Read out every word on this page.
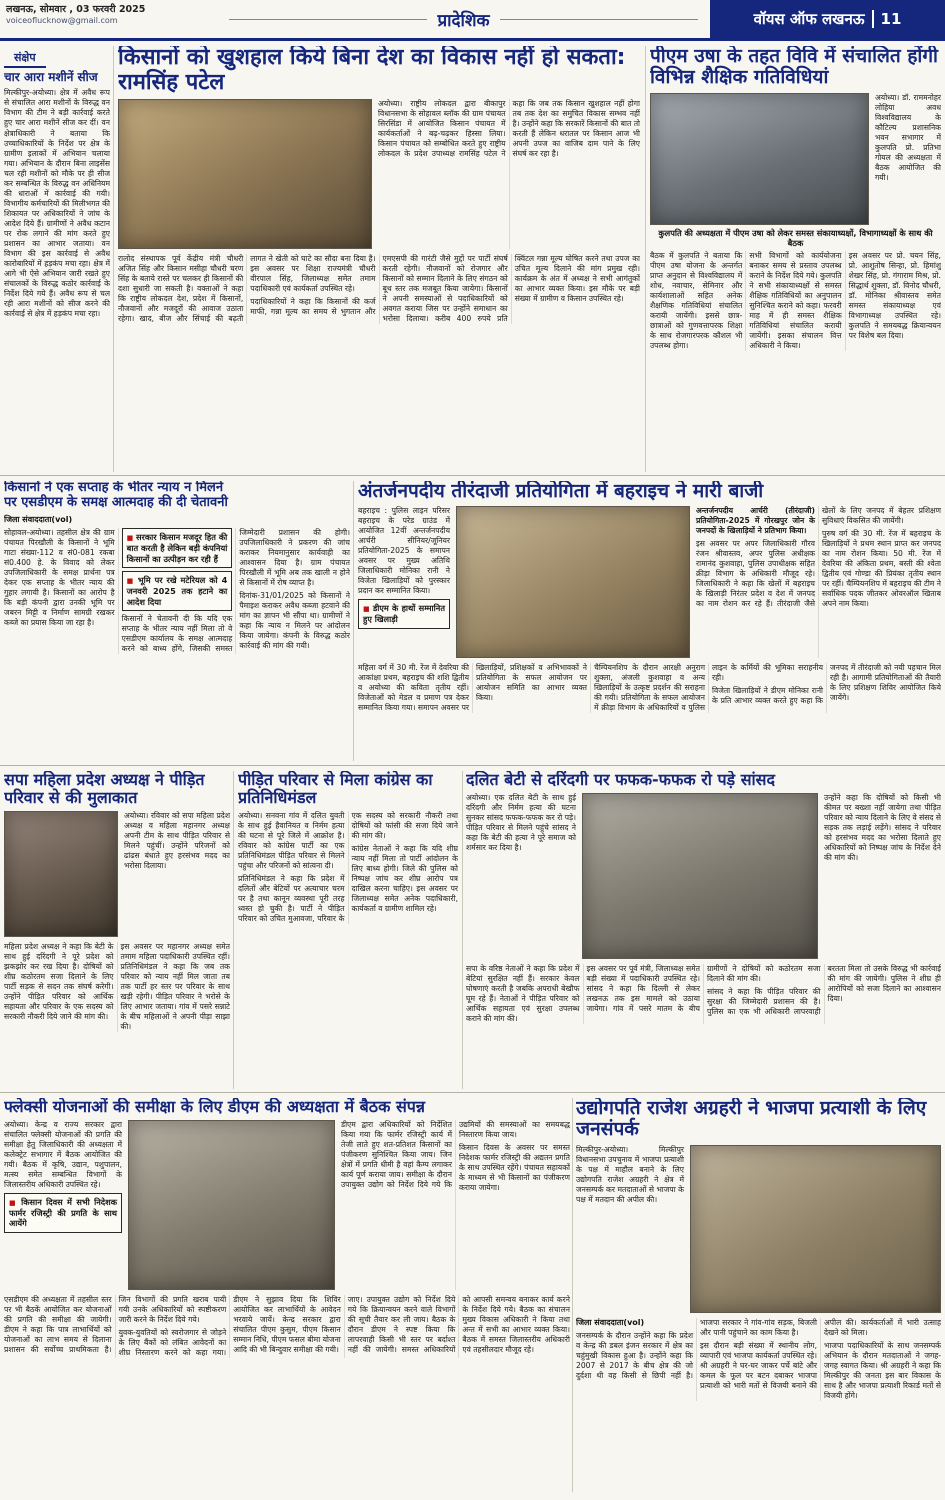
लखनऊ, सोमवार , 03 फरवरी 2025
voiceoflucknow@gmail.com	प्रादेशिक	वॉयस ऑफ लखनऊ	11
संक्षेप
चार आरा मशीनें सीज

मिल्कीपुर-अयोध्या। क्षेत्र में अवैध रूप से संचालित आरा मशीनों के विरुद्ध वन विभाग की टीम ने बड़ी कार्रवाई करते हुए चार आरा मशीनें सीज कर दीं। वन क्षेत्राधिकारी ने बताया कि उच्चाधिकारियों के निर्देश पर क्षेत्र के ग्रामीण इलाकों में अभियान चलाया गया। अभियान के दौरान बिना लाइसेंस चल रही मशीनों को मौके पर ही सीज कर सम्बन्धित के विरुद्ध वन अधिनियम की धाराओं में कार्रवाई की गयी। विभागीय कर्मचारियों की मिलीभगत की शिकायत पर अधिकारियों ने जांच के आदेश दिये हैं। ग्रामीणों ने अवैध कटान पर रोक लगाने की मांग करते हुए प्रशासन का आभार जताया। वन विभाग की इस कार्रवाई से अवैध कारोबारियों में हड़कंप मचा रहा। क्षेत्र में आगे भी ऐसे अभियान जारी रखते हुए संचालकों के विरुद्ध कठोर कार्रवाई के निर्देश दिये गये हैं। अवैध रूप से चल रही आरा मशीनों को सीज करने की कार्रवाई से क्षेत्र में हड़कंप मचा रहा।

किसानों को खुशहाल किये बिना देश का विकास नहीं हो सकता: रामसिंह पटेल

अयोध्या। राष्ट्रीय लोकदल द्वारा बीकापुर विधानसभा के सोहावल ब्लॉक की ग्राम पंचायत सिरसिंडा में आयोजित किसान पंचायत में कार्यकर्ताओं ने बढ़-चढ़कर हिस्सा लिया। किसान पंचायत को सम्बोधित करते हुए राष्ट्रीय लोकदल के प्रदेश उपाध्यक्ष रामसिंह पटेल ने कहा कि जब तक किसान खुशहाल नहीं होगा तब तक देश का समुचित विकास सम्भव नहीं है। उन्होंने कहा कि सरकारें किसानों की बात तो करती हैं लेकिन धरातल पर किसान आज भी अपनी उपज का वाजिब दाम पाने के लिए संघर्ष कर रहा है।

रालोद संस्थापक पूर्व केंद्रीय मंत्री चौधरी अजित सिंह और किसान मसीहा चौधरी चरण सिंह के बताये रास्ते पर चलकर ही किसानों की दशा सुधारी जा सकती है। वक्ताओं ने कहा कि राष्ट्रीय लोकदल देश, प्रदेश में किसानों, नौजवानों और मजदूरों की आवाज उठाता रहेगा। खाद, बीज और सिंचाई की बढ़ती लागत ने खेती को घाटे का सौदा बना दिया है। इस अवसर पर शिक्षा राज्यमंत्री चौधरी वीरपाल सिंह, जिलाध्यक्ष समेत तमाम पदाधिकारी एवं कार्यकर्ता उपस्थित रहे।

पदाधिकारियों ने कहा कि किसानों की कर्ज माफी, गन्ना मूल्य का समय से भुगतान और एमएसपी की गारंटी जैसे मुद्दों पर पार्टी संघर्ष करती रहेगी। नौजवानों को रोजगार और किसानों को सम्मान दिलाने के लिए संगठन को बूथ स्तर तक मजबूत किया जायेगा। किसानों ने अपनी समस्याओं से पदाधिकारियों को अवगत कराया जिस पर उन्होंने समाधान का भरोसा दिलाया। करीब 400 रुपये प्रति क्विंटल गन्ना मूल्य घोषित करने तथा उपज का उचित मूल्य दिलाने की मांग प्रमुख रही। कार्यक्रम के अंत में अध्यक्ष ने सभी आगंतुकों का आभार व्यक्त किया। इस मौके पर बड़ी संख्या में ग्रामीण व किसान उपस्थित रहे।

पीएम उषा के तहत विवि में संचालित होंगी विभिन्न शैक्षिक गतिविधियां

अयोध्या। डॉ. राममनोहर लोहिया अवध विश्वविद्यालय के कौटिल्य प्रशासनिक भवन सभागार में कुलपति प्रो. प्रतिभा गोयल की अध्यक्षता में बैठक आयोजित की गयी।

कुलपति की अध्यक्षता में पीएम उषा को लेकर समस्त संकायाध्यक्षों, विभागाध्यक्षों के साथ की बैठक

बैठक में कुलपति ने बताया कि पीएम उषा योजना के अन्तर्गत प्राप्त अनुदान से विश्वविद्यालय में शोध, नवाचार, सेमिनार और कार्यशालाओं सहित अनेक शैक्षणिक गतिविधियां संचालित करायी जायेंगी। इससे छात्र-छात्राओं को गुणवत्तापरक शिक्षा के साथ रोजगारपरक कौशल भी उपलब्ध होगा।

सभी विभागों को कार्ययोजना बनाकर समय से प्रस्ताव उपलब्ध कराने के निर्देश दिये गये। कुलपति ने सभी संकायाध्यक्षों से समस्त शैक्षिक गतिविधियों का अनुपालन सुनिश्चित कराने को कहा। फरवरी माह में ही समस्त शैक्षिक गतिविधियां संचालित करायी जायेंगी। इसका संचालन वित्त अधिकारी ने किया।

इस अवसर पर प्रो. चयन सिंह, प्रो. आशुतोष सिन्हा, प्रो. हिमांशु शेखर सिंह, प्रो. गंगाराम मिश्र, प्रो. सिद्धार्थ शुक्ला, डॉ. विनोद चौधरी, डॉ. मोनिका श्रीवास्तव समेत समस्त संकायाध्यक्ष एवं विभागाध्यक्ष उपस्थित रहे। कुलपति ने समयबद्ध क्रियान्वयन पर विशेष बल दिया।

किसानों ने एक सप्ताह के भीतर न्याय न मिलने पर एसडीएम के समक्ष आत्मदाह की दी चेतावनी
जिला संवाददाता(vol)

सोहावल-अयोध्या। तहसील क्षेत्र की ग्राम पंचायत पिरखौली के किसानों ने भूमि गाटा संख्या-112 व सं0-081 रकबा सं0.400 हे. के विवाद को लेकर उपजिलाधिकारी के समक्ष प्रार्थना पत्र देकर एक सप्ताह के भीतर न्याय की गुहार लगायी है। किसानों का आरोप है कि बड़ी कंपनी द्वारा उनकी भूमि पर जबरन मिट्टी व निर्माण सामग्री रखकर कब्जे का प्रयास किया जा रहा है।

■ सरकार किसान मजदूर हित की बात करती है लेकिन बड़ी कंपनियां किसानों का उत्पीड़न कर रही हैं
■ भूमि पर रखे मटेरियल को 4 जनवरी 2025 तक हटाने का आदेश दिया

किसानों ने चेतावनी दी कि यदि एक सप्ताह के भीतर न्याय नहीं मिला तो वे एसडीएम कार्यालय के समक्ष आत्मदाह करने को बाध्य होंगे, जिसकी समस्त जिम्मेदारी प्रशासन की होगी। उपजिलाधिकारी ने प्रकरण की जांच कराकर नियमानुसार कार्यवाही का आश्वासन दिया है। ग्राम पंचायत पिरखौली में भूमि अब तक खाली न होने से किसानों में रोष व्याप्त है।

दिनांक-31/01/2025 को किसानों ने पैमाइश कराकर अवैध कब्जा हटवाने की मांग का ज्ञापन भी सौंपा था। ग्रामीणों ने कहा कि न्याय न मिलने पर आंदोलन किया जायेगा। कंपनी के विरुद्ध कठोर कार्रवाई की मांग की गयी।

अंतर्जनपदीय तीरंदाजी प्रतियोगिता में बहराइच ने मारी बाजी

बहराइच : पुलिस लाइन परिसर बहराइच के परेड ग्राउंड में आयोजित 12वीं अन्तर्जनपदीय आर्चरी सीनियर/जूनियर प्रतियोगिता-2025 के समापन अवसर पर मुख्य अतिथि जिलाधिकारी मोनिका रानी ने विजेता खिलाड़ियों को पुरस्कार प्रदान कर सम्मानित किया।

■ डीएम के हाथों सम्मानित हुए खिलाड़ी

अन्तर्जनपदीय आर्चरी (तीरंदाजी) प्रतियोगिता-2025 में गोरखपुर जोन के जनपदों के खिलाड़ियों ने प्रतिभाग किया।

इस अवसर पर अपर जिलाधिकारी गौरव रंजन श्रीवास्तव, अपर पुलिस अधीक्षक रामानंद कुशवाहा, पुलिस उपाधीक्षक सहित क्रीड़ा विभाग के अधिकारी मौजूद रहे। जिलाधिकारी ने कहा कि खेलों में बहराइच के खिलाड़ी निरंतर प्रदेश व देश में जनपद का नाम रोशन कर रहे हैं। तीरंदाजी जैसे खेलों के लिए जनपद में बेहतर प्रशिक्षण सुविधाएं विकसित की जायेंगी।

पुरुष वर्ग की 30 मी. रेंज में बहराइच के खिलाड़ियों ने प्रथम स्थान प्राप्त कर जनपद का नाम रोशन किया। 50 मी. रेंज में देवरिया की अंकिता प्रथम, बस्ती की श्वेता द्वितीय एवं गोण्डा की प्रियंका तृतीय स्थान पर रहीं। चैम्पियनशिप में बहराइच की टीम ने सर्वाधिक पदक जीतकर ओवरऑल खिताब अपने नाम किया।

महिला वर्ग में 30 मी. रेंज में देवरिया की आकांक्षा प्रथम, बहराइच की शशि द्वितीय व अयोध्या की कविता तृतीय रहीं। विजेताओं को मेडल व प्रमाण पत्र देकर सम्मानित किया गया। समापन अवसर पर खिलाड़ियों, प्रशिक्षकों व अभिभावकों ने प्रतियोगिता के सफल आयोजन पर आयोजन समिति का आभार व्यक्त किया।

चैम्पियनशिप के दौरान आरक्षी अनुराग शुक्ला, अंजली कुशवाहा व अन्य खिलाड़ियों के उत्कृष्ट प्रदर्शन की सराहना की गयी। प्रतियोगिता के सफल आयोजन में क्रीड़ा विभाग के अधिकारियों व पुलिस लाइन के कर्मियों की भूमिका सराहनीय रही।

विजेता खिलाड़ियों ने डीएम मोनिका रानी के प्रति आभार व्यक्त करते हुए कहा कि जनपद में तीरंदाजी को नयी पहचान मिल रही है। आगामी प्रतियोगिताओं की तैयारी के लिए प्रशिक्षण शिविर आयोजित किये जायेंगे।

सपा महिला प्रदेश अध्यक्ष ने पीड़ित परिवार से की मुलाकात

अयोध्या। रविवार को सपा महिला प्रदेश अध्यक्ष व महिला महानगर अध्यक्ष अपनी टीम के साथ पीड़ित परिवार से मिलने पहुंचीं। उन्होंने परिजनों को ढांढस बंधाते हुए हरसंभव मदद का भरोसा दिलाया।

महिला प्रदेश अध्यक्ष ने कहा कि बेटी के साथ हुई दरिंदगी ने पूरे प्रदेश को झकझोर कर रख दिया है। दोषियों को शीघ्र कठोरतम सजा दिलाने के लिए पार्टी सड़क से सदन तक संघर्ष करेगी। उन्होंने पीड़ित परिवार को आर्थिक सहायता और परिवार के एक सदस्य को सरकारी नौकरी दिये जाने की मांग की।

इस अवसर पर महानगर अध्यक्ष समेत तमाम महिला पदाधिकारी उपस्थित रहीं। प्रतिनिधिमंडल ने कहा कि जब तक परिवार को न्याय नहीं मिल जाता तब तक पार्टी हर स्तर पर परिवार के साथ खड़ी रहेगी। पीड़ित परिवार ने भरोसे के लिए आभार जताया। गांव में पसरे सन्नाटे के बीच महिलाओं ने अपनी पीड़ा साझा की।

पीड़ित परिवार से मिला कांग्रेस का प्रतिनिधिमंडल

अयोध्या। सनवना गांव में दलित युवती के साथ हुई हैवानियत व निर्मम हत्या की घटना से पूरे जिले में आक्रोश है। रविवार को कांग्रेस पार्टी का एक प्रतिनिधिमंडल पीड़ित परिवार से मिलने पहुंचा और परिजनों को सांत्वना दी।

प्रतिनिधिमंडल ने कहा कि प्रदेश में दलितों और बेटियों पर अत्याचार चरम पर है तथा कानून व्यवस्था पूरी तरह ध्वस्त हो चुकी है। पार्टी ने पीड़ित परिवार को उचित मुआवजा, परिवार के एक सदस्य को सरकारी नौकरी तथा दोषियों को फांसी की सजा दिये जाने की मांग की।

कांग्रेस नेताओं ने कहा कि यदि शीघ्र न्याय नहीं मिला तो पार्टी आंदोलन के लिए बाध्य होगी। जिले की पुलिस को निष्पक्ष जांच कर शीघ्र आरोप पत्र दाखिल करना चाहिए। इस अवसर पर जिलाध्यक्ष समेत अनेक पदाधिकारी, कार्यकर्ता व ग्रामीण शामिल रहे।

दलित बेटी से दरिंदगी पर फफक-फफक रो पड़े सांसद

अयोध्या। एक दलित बेटी के साथ हुई दरिंदगी और निर्मम हत्या की घटना सुनकर सांसद फफक-फफक कर रो पड़े। पीड़ित परिवार से मिलने पहुंचे सांसद ने कहा कि बेटी की हत्या ने पूरे समाज को शर्मसार कर दिया है।

उन्होंने कहा कि दोषियों को किसी भी कीमत पर बख्शा नहीं जायेगा तथा पीड़ित परिवार को न्याय दिलाने के लिए वे संसद से सड़क तक लड़ाई लड़ेंगे। सांसद ने परिवार को हरसंभव मदद का भरोसा दिलाते हुए अधिकारियों को निष्पक्ष जांच के निर्देश देने की मांग की।

सपा के वरिष्ठ नेताओं ने कहा कि प्रदेश में बेटियां सुरक्षित नहीं हैं। सरकार केवल घोषणाएं करती है जबकि अपराधी बेखौफ घूम रहे हैं। नेताओं ने पीड़ित परिवार को आर्थिक सहायता एवं सुरक्षा उपलब्ध कराने की मांग की।

इस अवसर पर पूर्व मंत्री, जिलाध्यक्ष समेत बड़ी संख्या में पदाधिकारी उपस्थित रहे। सांसद ने कहा कि दिल्ली से लेकर लखनऊ तक इस मामले को उठाया जायेगा। गांव में पसरे मातम के बीच ग्रामीणों ने दोषियों को कठोरतम सजा दिलाने की मांग की।

सांसद ने कहा कि पीड़ित परिवार की सुरक्षा की जिम्मेदारी प्रशासन की है। पुलिस का एक भी अधिकारी लापरवाही बरतता मिला तो उसके विरुद्ध भी कार्रवाई की मांग की जायेगी। पुलिस ने शीघ्र ही आरोपियों को सजा दिलाने का आश्वासन दिया।

फ्लेक्सी योजनाओं की समीक्षा के लिए डीएम की अध्यक्षता में बैठक संपन्न

अयोध्या। केन्द्र व राज्य सरकार द्वारा संचालित फ्लेक्सी योजनाओं की प्रगति की समीक्षा हेतु जिलाधिकारी की अध्यक्षता में कलेक्ट्रेट सभागार में बैठक आयोजित की गयी। बैठक में कृषि, उद्यान, पशुपालन, मत्स्य समेत सम्बन्धित विभागों के जिलास्तरीय अधिकारी उपस्थित रहे।

■ किसान दिवस में सभी निदेशक फार्मर रजिस्ट्री की प्रगति के साथ आयेंगे

डीएम द्वारा अधिकारियों को निर्देशित किया गया कि फार्मर रजिस्ट्री कार्य में तेजी लाते हुए शत-प्रतिशत किसानों का पंजीकरण सुनिश्चित किया जाय। जिन क्षेत्रों में प्रगति धीमी है वहां कैम्प लगाकर कार्य पूर्ण कराया जाय। समीक्षा के दौरान उपायुक्त उद्योग को निर्देश दिये गये कि उद्यमियों की समस्याओं का समयबद्ध निस्तारण किया जाय।

किसान दिवस के अवसर पर समस्त निदेशक फार्मर रजिस्ट्री की अद्यतन प्रगति के साथ उपस्थित रहेंगे। पंचायत सहायकों के माध्यम से भी किसानों का पंजीकरण कराया जायेगा।

एसडीएम की अध्यक्षता में तहसील स्तर पर भी बैठकें आयोजित कर योजनाओं की प्रगति की समीक्षा की जायेगी। डीएम ने कहा कि पात्र लाभार्थियों को योजनाओं का लाभ समय से दिलाना प्रशासन की सर्वोच्च प्राथमिकता है। जिन विभागों की प्रगति खराब पायी गयी उनके अधिकारियों को स्पष्टीकरण जारी करने के निर्देश दिये गये।

युवक-युवतियों को स्वरोजगार से जोड़ने के लिए बैंकों को लंबित आवेदनों का शीघ्र निस्तारण करने को कहा गया। डीएम ने सुझाव दिया कि शिविर आयोजित कर लाभार्थियों के आवेदन भरवाये जायें। केन्द्र सरकार द्वारा संचालित पीएम कुसुम, पीएम किसान सम्मान निधि, पीएम फसल बीमा योजना आदि की भी बिन्दुवार समीक्षा की गयी।

जाए। उपायुक्त उद्योग को निर्देश दिये गये कि क्रियान्वयन करने वाले विभागों की सूची तैयार कर ली जाय। बैठक के दौरान डीएम ने स्पष्ट किया कि लापरवाही किसी भी स्तर पर बर्दाश्त नहीं की जायेगी। समस्त अधिकारियों को आपसी समन्वय बनाकर कार्य करने के निर्देश दिये गये। बैठक का संचालन मुख्य विकास अधिकारी ने किया तथा अन्त में सभी का आभार व्यक्त किया। बैठक में समस्त जिलास्तरीय अधिकारी एवं तहसीलदार मौजूद रहे।

उद्योगपति राजेश अग्रहरी ने भाजपा प्रत्याशी के लिए जनसंपर्क

मिल्कीपुर-अयोध्या। मिल्कीपुर विधानसभा उपचुनाव में भाजपा प्रत्याशी के पक्ष में माहौल बनाने के लिए उद्योगपति राजेश अग्रहरी ने क्षेत्र में जनसम्पर्क कर मतदाताओं से भाजपा के पक्ष में मतदान की अपील की।

जिला संवाददाता(vol)

जनसम्पर्क के दौरान उन्होंने कहा कि प्रदेश व केन्द्र की डबल इंजन सरकार में क्षेत्र का चहुंमुखी विकास हुआ है। उन्होंने कहा कि 2007 से 2017 के बीच क्षेत्र की जो दुर्दशा थी वह किसी से छिपी नहीं है। भाजपा सरकार ने गांव-गांव सड़क, बिजली और पानी पहुंचाने का काम किया है।

इस दौरान बड़ी संख्या में स्थानीय लोग, व्यापारी एवं भाजपा कार्यकर्ता उपस्थित रहे। श्री अग्रहरी ने घर-घर जाकर पर्चे बांटे और कमल के फूल पर बटन दबाकर भाजपा प्रत्याशी को भारी मतों से विजयी बनाने की अपील की। कार्यकर्ताओं में भारी उत्साह देखने को मिला।

भाजपा पदाधिकारियों के साथ जनसम्पर्क अभियान के दौरान मतदाताओं ने जगह-जगह स्वागत किया। श्री अग्रहरी ने कहा कि मिल्कीपुर की जनता इस बार विकास के साथ है और भाजपा प्रत्याशी रिकार्ड मतों से विजयी होंगे।
